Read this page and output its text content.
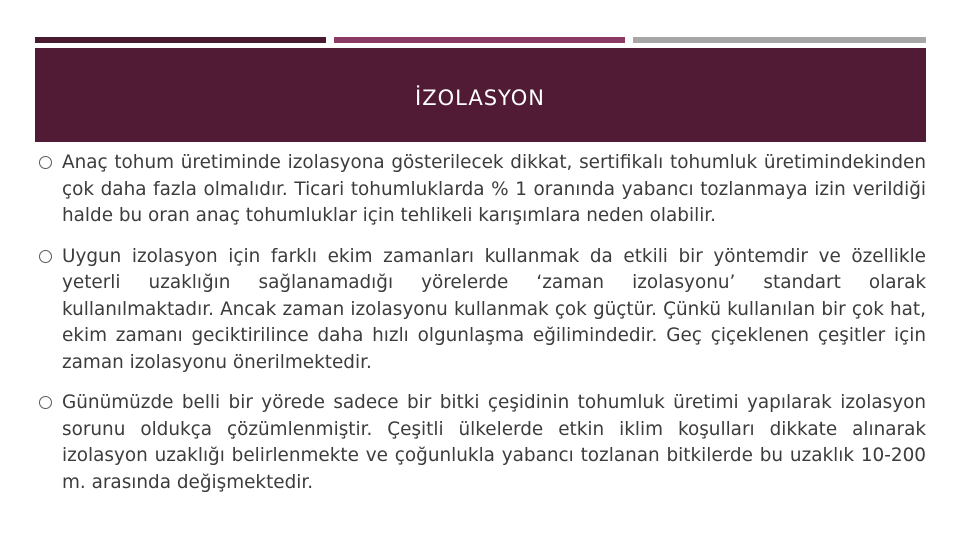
İZOLASYON
Anaç tohum üretiminde izolasyona gösterilecek dikkat, sertifikalı tohumluk üretimindekinden çok daha fazla olmalıdır. Ticari tohumluklarda % 1 oranında yabancı tozlanmaya izin verildiği halde bu oran anaç tohumluklar için tehlikeli karışımlara neden olabilir.
Uygun izolasyon için farklı ekim zamanları kullanmak da etkili bir yöntemdir ve özellikle yeterli uzaklığın sağlanamadığı yörelerde ‘zaman izolasyonu’ standart olarak kullanılmaktadır. Ancak zaman izolasyonu kullanmak çok güçtür. Çünkü kullanılan bir çok hat, ekim zamanı geciktirilince daha hızlı olgunlaşma eğilimindedir. Geç çiçeklenen çeşitler için zaman izolasyonu önerilmektedir.
Günümüzde belli bir yörede sadece bir bitki çeşidinin tohumluk üretimi yapılarak izolasyon sorunu oldukça çözümlenmiştir. Çeşitli ülkelerde etkin iklim koşulları dikkate alınarak izolasyon uzaklığı belirlenmekte ve çoğunlukla yabancı tozlanan bitkilerde bu uzaklık 10-200 m. arasında değişmektedir.
